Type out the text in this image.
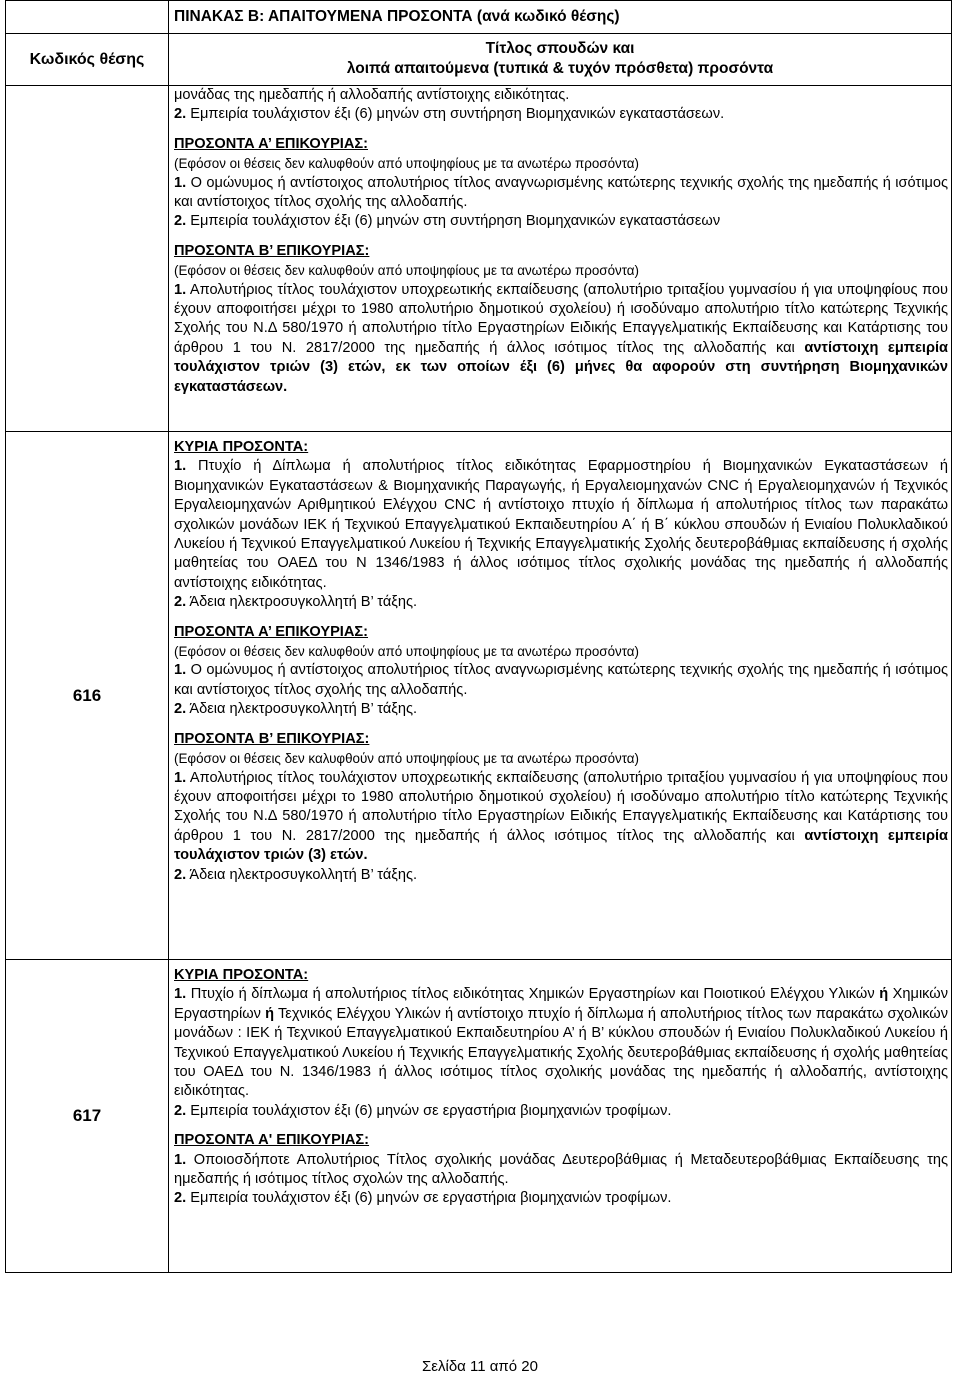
ΠΙΝΑΚΑΣ Β: ΑΠΑΙΤΟΥΜΕΝΑ ΠΡΟΣΟΝΤΑ (ανά κωδικό θέσης)
Κωδικός θέσης
Τίτλος σπουδών και
λοιπά απαιτούμενα (τυπικά & τυχόν πρόσθετα) προσόντα
μονάδας της ημεδαπής ή αλλοδαπής αντίστοιχης ειδικότητας.
2. Εμπειρία τουλάχιστον έξι (6) μηνών στη συντήρηση Βιομηχανικών εγκαταστάσεων.
ΠΡΟΣΟΝΤΑ Α’ ΕΠΙΚΟΥΡΙΑΣ:
(Εφόσον οι θέσεις δεν καλυφθούν από υποψηφίους με τα ανωτέρω προσόντα)
1. Ο ομώνυμος ή αντίστοιχος απολυτήριος τίτλος αναγνωρισμένης κατώτερης τεχνικής σχολής της ημεδαπής ή ισότιμος και αντίστοιχος τίτλος σχολής της αλλοδαπής.
2. Εμπειρία τουλάχιστον έξι (6) μηνών στη συντήρηση Βιομηχανικών εγκαταστάσεων
ΠΡΟΣΟΝΤΑ Β’ ΕΠΙΚΟΥΡΙΑΣ:
(Εφόσον οι θέσεις δεν καλυφθούν από υποψηφίους με τα ανωτέρω προσόντα)
1. Απολυτήριος τίτλος τουλάχιστον υποχρεωτικής εκπαίδευσης (απολυτήριο τριταξίου γυμνασίου ή για υποψηφίους που έχουν αποφοιτήσει μέχρι το 1980 απολυτήριο δημοτικού σχολείου) ή ισοδύναμο απολυτήριο τίτλο κατώτερης Τεχνικής Σχολής του Ν.Δ 580/1970 ή απολυτήριο τίτλο Εργαστηρίων Ειδικής Επαγγελματικής Εκπαίδευσης και Κατάρτισης του άρθρου 1 του Ν. 2817/2000 της ημεδαπής ή άλλος ισότιμος τίτλος της αλλοδαπής και αντίστοιχη εμπειρία τουλάχιστον τριών (3) ετών, εκ των οποίων έξι (6) μήνες θα αφορούν στη συντήρηση Βιομηχανικών εγκαταστάσεων.
616
ΚΥΡΙΑ ΠΡΟΣΟΝΤΑ:
1. Πτυχίο ή Δίπλωμα ή απολυτήριος τίτλος ειδικότητας Εφαρμοστηρίου ή Βιομηχανικών Εγκαταστάσεων ή Βιομηχανικών Εγκαταστάσεων & Βιομηχανικής Παραγωγής, ή Εργαλειομηχανών CNC ή Εργαλειομηχανών ή Τεχνικός Εργαλειομηχανών Αριθμητικού Ελέγχου CNC ή αντίστοιχο πτυχίο ή δίπλωμα ή απολυτήριος τίτλος των παρακάτω σχολικών μονάδων ΙΕΚ ή Τεχνικού Επαγγελματικού Εκπαιδευτηρίου Α΄ ή Β΄ κύκλου σπουδών ή Ενιαίου Πολυκλαδικού Λυκείου ή Τεχνικού Επαγγελματικού Λυκείου ή Τεχνικής Επαγγελματικής Σχολής δευτεροβάθμιας εκπαίδευσης ή σχολής μαθητείας του ΟΑΕΔ του Ν 1346/1983 ή άλλος ισότιμος τίτλος σχολικής μονάδας της ημεδαπής ή αλλοδαπής αντίστοιχης ειδικότητας.
2. Άδεια ηλεκτροσυγκολλητή Β’ τάξης.
ΠΡΟΣΟΝΤΑ Α’ ΕΠΙΚΟΥΡΙΑΣ:
(Εφόσον οι θέσεις δεν καλυφθούν από υποψηφίους με τα ανωτέρω προσόντα)
1. Ο ομώνυμος ή αντίστοιχος απολυτήριος τίτλος αναγνωρισμένης κατώτερης τεχνικής σχολής της ημεδαπής ή ισότιμος και αντίστοιχος τίτλος σχολής της αλλοδαπής.
2. Άδεια ηλεκτροσυγκολλητή Β’ τάξης.
ΠΡΟΣΟΝΤΑ Β’ ΕΠΙΚΟΥΡΙΑΣ:
(Εφόσον οι θέσεις δεν καλυφθούν από υποψηφίους με τα ανωτέρω προσόντα)
1. Απολυτήριος τίτλος τουλάχιστον υποχρεωτικής εκπαίδευσης (απολυτήριο τριταξίου γυμνασίου ή για υποψηφίους που έχουν αποφοιτήσει μέχρι το 1980 απολυτήριο δημοτικού σχολείου) ή ισοδύναμο απολυτήριο τίτλο κατώτερης Τεχνικής Σχολής του Ν.Δ 580/1970 ή απολυτήριο τίτλο Εργαστηρίων Ειδικής Επαγγελματικής Εκπαίδευσης και Κατάρτισης του άρθρου 1 του Ν. 2817/2000 της ημεδαπής ή άλλος ισότιμος τίτλος της αλλοδαπής και αντίστοιχη εμπειρία τουλάχιστον τριών (3) ετών.
2. Άδεια ηλεκτροσυγκολλητή Β’ τάξης.
617
ΚΥΡΙΑ ΠΡΟΣΟΝΤΑ:
1. Πτυχίο ή δίπλωμα ή απολυτήριος τίτλος ειδικότητας Χημικών Εργαστηρίων και Ποιοτικού Ελέγχου Υλικών ή Χημικών Εργαστηρίων ή Τεχνικός Ελέγχου Υλικών ή αντίστοιχο πτυχίο ή δίπλωμα ή απολυτήριος τίτλος των παρακάτω σχολικών μονάδων : ΙΕΚ ή Τεχνικού Επαγγελματικού Εκπαιδευτηρίου Α’ ή Β’ κύκλου σπουδών ή Ενιαίου Πολυκλαδικού Λυκείου ή Τεχνικού Επαγγελματικού Λυκείου ή Τεχνικής Επαγγελματικής Σχολής δευτεροβάθμιας εκπαίδευσης ή σχολής μαθητείας του ΟΑΕΔ του Ν. 1346/1983 ή άλλος ισότιμος τίτλος σχολικής μονάδας της ημεδαπής ή αλλοδαπής, αντίστοιχης ειδικότητας.
2. Εμπειρία τουλάχιστον έξι (6) μηνών σε εργαστήρια βιομηχανιών τροφίμων.
ΠΡΟΣΟΝΤΑ Α' ΕΠΙΚΟΥΡΙΑΣ:
1. Οποιοσδήποτε Απολυτήριος Τίτλος σχολικής μονάδας Δευτεροβάθμιας ή Μεταδευτεροβάθμιας Εκπαίδευσης της ημεδαπής ή ισότιμος τίτλος σχολών της αλλοδαπής.
2. Εμπειρία τουλάχιστον έξι (6) μηνών σε εργαστήρια βιομηχανιών τροφίμων.
Σελίδα 11 από 20
